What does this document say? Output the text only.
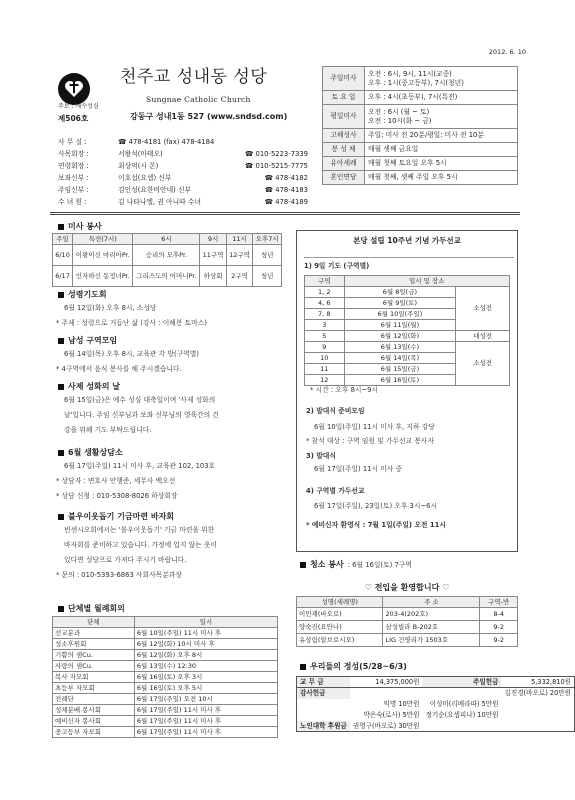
2012. 6. 10
천주교 성내동 성당
Sungnae Catholic Church
주보 : 예수성심
제506호	강동구 성내1동 527 (www.sndsd.com)
사 무 실 :	☎ 478-4181 (fax) 478-4184
사목회장 :	서왕석(마태오)	☎ 010-5223-7339
연령회장 :	최상억(시 몬)	☎ 010-5215-7775
보좌신부 :	이호섭(요셉) 신부	☎ 478-4182
주임신부 :	김인성(요한비안네) 신부	☎ 478-4183
수 녀 원 :	김 나타나엘, 권 아니따 수녀	☎ 478-4189
주일미사	오전 : 6시, 9시, 11시(교중)
오후 : 1시(중고등부), 7시(청년)

토 요 일	오후 : 4시(초등부), 7시(특전)

평일미사	오전 : 6시 (월 ~ 토)
오전 : 10시(화 ~ 금)

고해성사	주일: 미사 전 20분/평일: 미사 전 10분

봉 성 체	매월 셋째 금요일

유아세례	매월 첫째 토요일 오후 5시

혼인면담	매월 첫째, 셋째 주일 오후 5시
미사 봉사
주일	특전(7시)	6시	9시	11시	오후7시
6/10	이왕이신 마리아Pr.	승리의 모후Pr.	11구역	12구역	청년
6/17	인자하신 동정녀Pr.	그리스도의 어머니Pr.	하상회	2구역	청년
성령기도회
6월 12일(화) 오후 8시, 소성당
* 주제 : 성령으로 거듭난 삶 (강사 : 이해봉 토마스)
남성 구역모임
6월 14일(목) 오후 8시, 교육관 각 방(구역별)
* 4구역에서 음식 봉사를 해 주시겠습니다.
사제 성화의 날
6월 15일(금)은 예수 성심 대축일이며 '사제 성화의
날'입니다. 주임 신부님과 보좌 신부님의 영육간의 건
강을 위해 기도 부탁드립니다.
6월 생활상담소
6월 17일(주일) 11시 미사 후, 교육관 102, 103호
* 상담자 : 변호사 안행준, 세무사 백오선
* 상담 신청 : 010-5308-8026 하상회장
불우이웃돕기 기금마련 바자회
빈센시오회에서는 '불우이웃돕기' 기금 마련을 위한
바자회를 준비하고 있습니다. 가정에 입지 않는 옷이
있다면 성당으로 가져다 주시기 바랍니다.
* 문의 : 010-5393-6863 사회사목분과장
단체별 월례회의
단체	일시
선교분과	6월 10일(주일) 11시 미사 후
성소후원회	6월 12일(화) 10시 미사 후
기쁨의 샘Cu.	6월 12일(화) 오후 8시
사랑의 샘Cu.	6월 13일(수) 12:30
복사 자모회	6월 16일(토) 오후 3시
초등부 자모회	6월 16일(토) 오후 5시
전례단	6월 17일(주일) 오전 10시
성체분배 봉사회	6월 17일(주일) 11시 미사 후
예비신자 봉사회	6월 17일(주일) 11시 미사 후
중고등부 자모회	6월 17일(주일) 11시 미사 후
본당 설립 10주년 기념 가두선교
1) 9일 기도 (구역별)
구역	일시 및 장소	
1, 2	6월 8일(금)	소성전
4, 6	6월 9일(토)	
7, 8	6월 10일(주일)	
3	6월 11일(월)	
5	6월 12일(화)	대성전
9	6월 13일(수)	소성전
10	6월 14일(목)	
11	6월 15일(금)	
12	6월 16일(토)	
* 시간 : 오후 8시~9시
2) 발대식 준비모임
6월 10일(주일) 11시 미사 후, 지하 강당
* 참석 대상 : 구역 임원 및 가두선교 봉사자
3) 발대식
6월 17일(주일) 11시 미사 중
4) 구역별 가두선교
6월 17일(주일), 23일(토) 오후 3시~6시
* 예비신자 환영식 : 7월 1일(주일) 오전 11시
청소 봉사 : 6월 16일(토) 7구역
♡ 전입을 환영합니다 ♡
성명(세례명)	주 소	구역-반
이민재(바오로)	203-4(202호)	8-4
양숙진(요안나)	삼성빌라 B-202호	9-2
유상림(알브로시오)	LIG 건영리가 1503호	9-2
우리들의 정성(5/28~6/3)
교 무 금	14,375,000원	주일헌금	5,332,810원
감사헌금			김진경(바오로) 20만원
	익명 10만원	이성미(리베라따) 5만원	
	박은숙(로사) 5만원	정기순(요셉피나) 10만원	
노인대학 후원금	권영구(바오로) 30만원		
